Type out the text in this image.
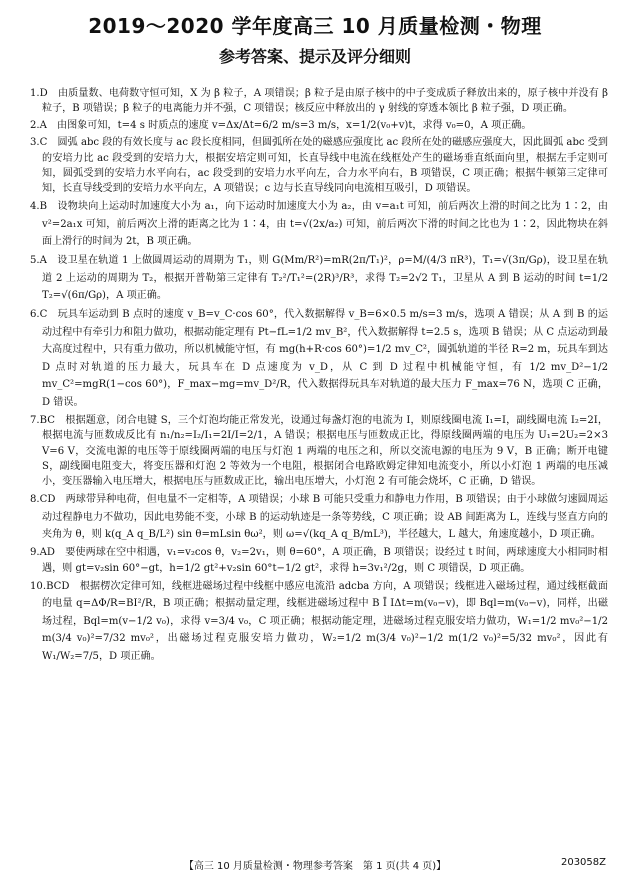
2019～2020 学年度高三 10 月质量检测・物理
参考答案、提示及评分细则

1.D　由质量数、电荷数守恒可知，X 为 β 粒子，A 项错误；β 粒子是由原子核中的中子变成质子释放出来的，原子核中并没有 β 粒子，B 项错误；β 粒子的电离能力并不强，C 项错误；核反应中释放出的 γ 射线的穿透本领比 β 粒子强，D 项正确。

2.A　由图象可知，t=4 s 时质点的速度 v=Δx/Δt=6/2 m/s=3 m/s，x=1/2(v₀+v)t，求得 v₀=0，A 项正确。

3.C　圆弧 abc 段的有效长度与 ac 段长度相同，但圆弧所在处的磁感应强度比 ac 段所在处的磁感应强度大，因此圆弧 abc 受到的安培力比 ac 段受到的安培力大，根据安培定则可知，长直导线中电流在线框处产生的磁场垂直纸面向里，根据左手定则可知，圆弧受到的安培力水平向右，ac 段受到的安培力水平向左，合力水平向右，B 项错误，C 项正确；根据牛顿第三定律可知，长直导线受到的安培力水平向左，A 项错误；c 边与长直导线同向电流相互吸引，D 项错误。

4.B　设物块向上运动时加速度大小为 a₁，向下运动时加速度大小为 a₂，由 v=a₁t 可知，前后两次上滑的时间之比为 1∶2，由 v²=2a₁x 可知，前后两次上滑的距离之比为 1∶4，由 t=√(2x/a₂) 可知，前后两次下滑的时间之比也为 1∶2，因此物块在斜面上滑行的时间为 2t，B 项正确。

5.A　设卫星在轨道 1 上做圆周运动的周期为 T₁，则 G(Mm/R²)=mR(2π/T₁)²，ρ=M/(4/3 πR³)，T₁=√(3π/Gρ)，设卫星在轨道 2 上运动的周期为 T₂，根据开普勒第三定律有 T₂²/T₁²=(2R)³/R³，求得 T₂=2√2 T₁，卫星从 A 到 B 运动的时间 t=1/2 T₂=√(6π/Gρ)，A 项正确。

6.C　玩具车运动到 B 点时的速度 v_B=v_C·cos 60°，代入数据解得 v_B=6×0.5 m/s=3 m/s，选项 A 错误；从 A 到 B 的运动过程中有牵引力和阻力做功，根据动能定理有 Pt−fL=1/2 mv_B²，代入数据解得 t=2.5 s，选项 B 错误；从 C 点运动到最大高度过程中，只有重力做功，所以机械能守恒，有 mg(h+R·cos 60°)=1/2 mv_C²，圆弧轨道的半径 R=2 m，玩具车到达 D 点时对轨道的压力最大，玩具车在 D 点速度为 v_D，从 C 到 D 过程中机械能守恒，有 1/2 mv_D²−1/2 mv_C²=mgR(1−cos 60°)，F_max−mg=mv_D²/R，代入数据得玩具车对轨道的最大压力 F_max=76 N，选项 C 正确，D 错误。

7.BC　根据题意，闭合电键 S，三个灯泡均能正常发光，设通过每盏灯泡的电流为 I，则原线圈电流 I₁=I，副线圈电流 I₂=2I，根据电流与匝数成反比有 n₁/n₂=I₂/I₁=2I/I=2/1，A 错误；根据电压与匝数成正比，得原线圈两端的电压为 U₁=2U₂=2×3 V=6 V，交流电源的电压等于原线圈两端的电压与灯泡 1 两端的电压之和，所以交流电源的电压为 9 V，B 正确；断开电键 S，副线圈电阻变大，将变压器和灯泡 2 等效为一个电阻，根据闭合电路欧姆定律知电流变小，所以小灯泡 1 两端的电压减小，变压器输入电压增大，根据电压与匝数成正比，输出电压增大，小灯泡 2 有可能会烧坏，C 正确，D 错误。

8.CD　两球带异种电荷，但电量不一定相等，A 项错误；小球 B 可能只受重力和静电力作用，B 项错误；由于小球做匀速圆周运动过程静电力不做功，因此电势能不变，小球 B 的运动轨迹是一条等势线，C 项正确；设 AB 间距离为 L，连线与竖直方向的夹角为 θ，则 k(q_A q_B/L²) sin θ=mLsin θω²，则 ω=√(kq_A q_B/mL³)，半径越大，L 越大，角速度越小，D 项正确。

9.AD　要使两球在空中相遇，v₁=v₂cos θ，v₂=2v₁，则 θ=60°，A 项正确，B 项错误；设经过 t 时间，两球速度大小相同时相遇，则 gt=v₂sin 60°−gt，h=1/2 gt²+v₂sin 60°t−1/2 gt²，求得 h=3v₁²/2g，则 C 项错误，D 项正确。

10.BCD　根据楞次定律可知，线框进磁场过程中线框中感应电流沿 adcba 方向，A 项错误；线框进入磁场过程，通过线框截面的电量 q=ΔΦ/R=BI²/R，B 项正确；根据动量定理，线框进磁场过程中 B Ī IΔt=m(v₀−v)，即 Bql=m(v₀−v)，同样，出磁场过程，Bql=m(v−1/2 v₀)，求得 v=3/4 v₀，C 项正确；根据动能定理，进磁场过程克服安培力做功，W₁=1/2 mv₀²−1/2 m(3/4 v₀)²=7/32 mv₀²，出磁场过程克服安培力做功，W₂=1/2 m(3/4 v₀)²−1/2 m(1/2 v₀)²=5/32 mv₀²，因此有 W₁/W₂=7/5，D 项正确。

【高三 10 月质量检测・物理参考答案　第 1 页(共 4 页)】	203058Z
